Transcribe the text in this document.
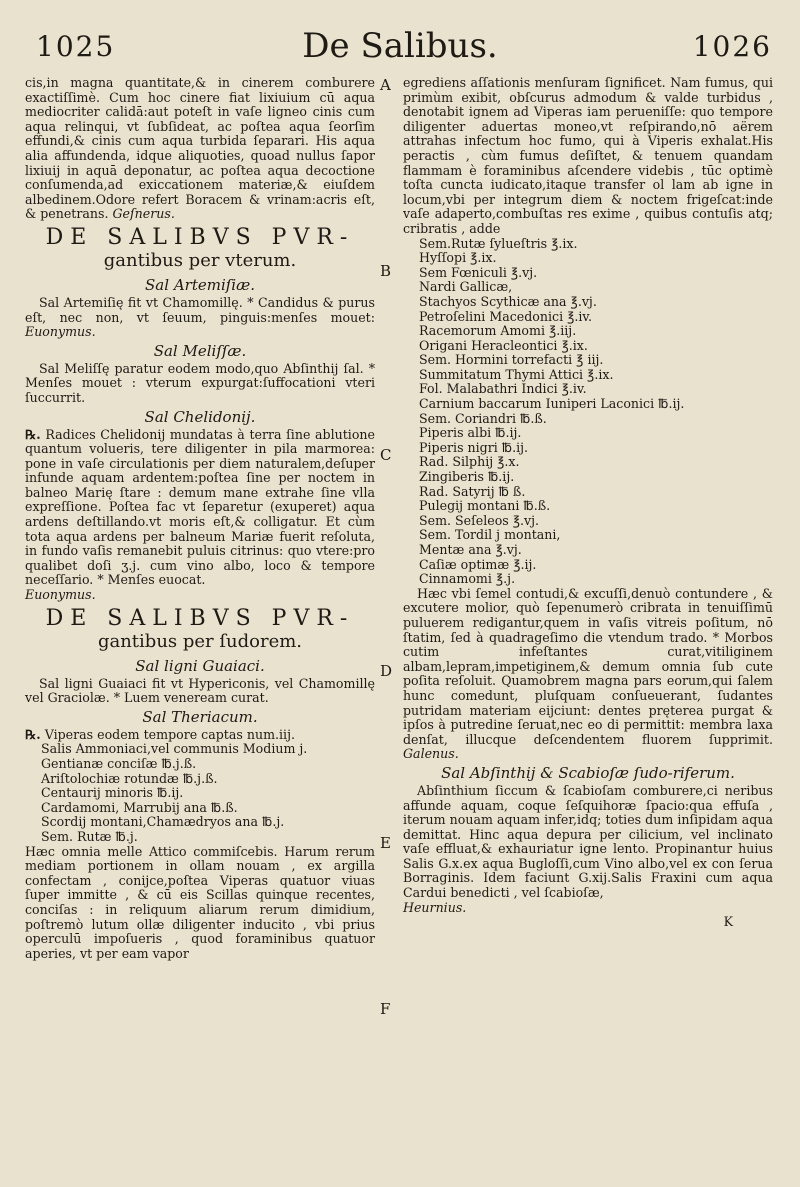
1025	De Salibus.	1026
A
B
C
D
E
F

cis,in magna quantitate,& in cinerem comburere exactiſſimè. Cum hoc cinere fiat lixiuium cū aqua mediocriter calidā:aut poteſt in vaſe ligneo cinis cum aqua relinqui, vt ſubſideat, ac poſtea aqua ſeorſim effundi,& cinis cum aqua turbida ſeparari. His aqua alia affundenda, idque aliquoties, quoad nullus ſapor lixiuij in aquā deponatur, ac poſtea aqua decoctione conſumenda,ad exiccationem materiæ,& eiuſdem albedinem.Odore refert Boracem & vrinam:acris eſt, & penetrans. Geſnerus.

DE SALIBVS PVR-
gantibus per vterum.
Sal Artemiſiæ.

Sal Artemiſię fit vt Chamomillę. * Candidus & purus eſt, nec non, vt ſeuum, pinguis:menſes mouet: Euonymus.

Sal Meliſſæ.

Sal Meliſſę paratur eodem modo,quo Abſinthij ſal. * Menſes mouet : vterum expurgat:ſuffocationi vteri ſuccurrit.

Sal Chelidonij.

℞. Radices Chelidonij mundatas à terra ſine ablutione quantum volueris, tere diligenter in pila marmorea: pone in vaſe circulationis per diem naturalem,deſuper infunde aquam ardentem:poſtea ſine per noctem in balneo Marię ſtare : demum mane extrahe ſine vlla expreſſione. Poſtea fac vt ſeparetur (exuperet) aqua ardens deſtillando.vt moris eſt,& colligatur. Et cùm tota aqua ardens per balneum Mariæ fuerit reſoluta, in fundo vaſis remanebit puluis citrinus: quo vtere:pro qualibet doſi ʒ.j. cum vino albo, loco & tempore neceſſario. * Menſes euocat.

Euonymus.

DE SALIBVS PVR-
gantibus per ſudorem.
Sal ligni Guaiaci.

Sal ligni Guaiaci fit vt Hypericonis, vel Chamomillę vel Graciolæ. * Luem veneream curat.

Sal Theriacum.
℞. Viperas eodem tempore captas num.iij.
Salis Ammoniaci,vel communis Modium j.
Gentianæ conciſæ ℔.j.ß.
Ariſtolochiæ rotundæ ℔.j.ß.
Centaurij minoris ℔.ij.
Cardamomi, Marrubij ana ℔.ß.
Scordij montani,Chamædryos ana ℔.j.
Sem. Rutæ ℔.j.

Hæc omnia melle Attico commiſcebis. Harum rerum mediam portionem in ollam nouam , ex argilla confectam , conijce,poſtea Viperas quatuor viuas ſuper immitte , & cū eis Scillas quinque recentes, conciſas : in reliquum aliarum rerum dimidium, poſtremò lutum ollæ diligenter inducito , vbi prius operculū impoſueris , quod foraminibus quatuor aperies, vt per eam vapor

egrediens aſſationis menſuram ſignificet. Nam fumus, qui primùm exibit, obſcurus admodum & valde turbidus , denotabit ignem ad Viperas iam perueniſſe: quo tempore diligenter aduertas moneo,vt reſpirando,nō aërem attrahas infectum hoc fumo, qui à Viperis exhalat.His peractis , cùm fumus deſiſtet, & tenuem quandam flammam è foraminibus aſcendere videbis , tūc optimè toſta cuncta iudicato,itaque transfer ol lam ab igne in locum,vbi per integrum diem & noctem frigeſcat:inde vaſe adaperto,combuſtas res exime , quibus contuſis atq; cribratis , adde

Sem.Rutæ ſylueſtris ℥.ix.
Hyſſopi ℥.ix.
Sem Fœniculi ℥.vj.
Nardi Gallicæ,
Stachyos Scythicæ ana ℥.vj.
Petroſelini Macedonici ℥.iv.
Racemorum Amomi ℥.iij.
Origani Heracleontici ℥.ix.
Sem. Hormini torrefacti ℥ iij.
Summitatum Thymi Attici ℥.ix.
Fol. Malabathri Indici ℥.iv.
Carnium baccarum Iuniperi Laconici ℔.ij.
Sem. Coriandri ℔.ß.
Piperis albi ℔.ij.
Piperis nigri ℔.ij.
Rad. Silphij ℥.x.
Zingiberis ℔.ij.
Rad. Satyrij ℔ ß.
Pulegij montani ℔.ß.
Sem. Seſeleos ℥.vj.
Sem. Tordil j montani,
Mentæ ana ℥.vj.
Caſiæ optimæ ℥.ij.
Cinnamomi ℥.j.

Hæc vbi ſemel contudi,& excuſſi,denuò contundere , & excutere molior, quò ſepenumerò cribrata in tenuiſſimū puluerem redigantur,quem in vaſis vitreis poſitum, nō ſtatim, ſed à quadrageſimo die vtendum trado. * Morbos cutim infeſtantes curat,vitiliginem albam,lepram,impetiginem,& demum omnia ſub cute poſita reſoluit. Quamobrem magna pars eorum,qui ſalem hunc comedunt, pluſquam conſueuerant, ſudantes putridam materiam eijciunt: dentes pręterea purgat & ipſos à putredine ſeruat,nec eo di permittit: membra laxa denſat, illucque deſcendentem fluorem ſupprimit. Galenus.

Sal Abſinthij & Scabioſæ ſudo-riferum.

Abſinthium ſiccum & ſcabioſam comburere,ci neribus affunde aquam, coque ſeſquihoræ ſpacio:qua effuſa , iterum nouam aquam infer,idq; toties dum inſipidam aqua demittat. Hinc aqua depura per cilicium, vel inclinato vaſe effluat,& exhauriatur igne lento. Propinantur huius Salis G.x.ex aqua Bugloſſi,cum Vino albo,vel ex con ſerua Borraginis. Idem faciunt G.xij.Salis Fraxini cum aqua Cardui benedicti , vel ſcabioſæ,

Heurnius.

K
